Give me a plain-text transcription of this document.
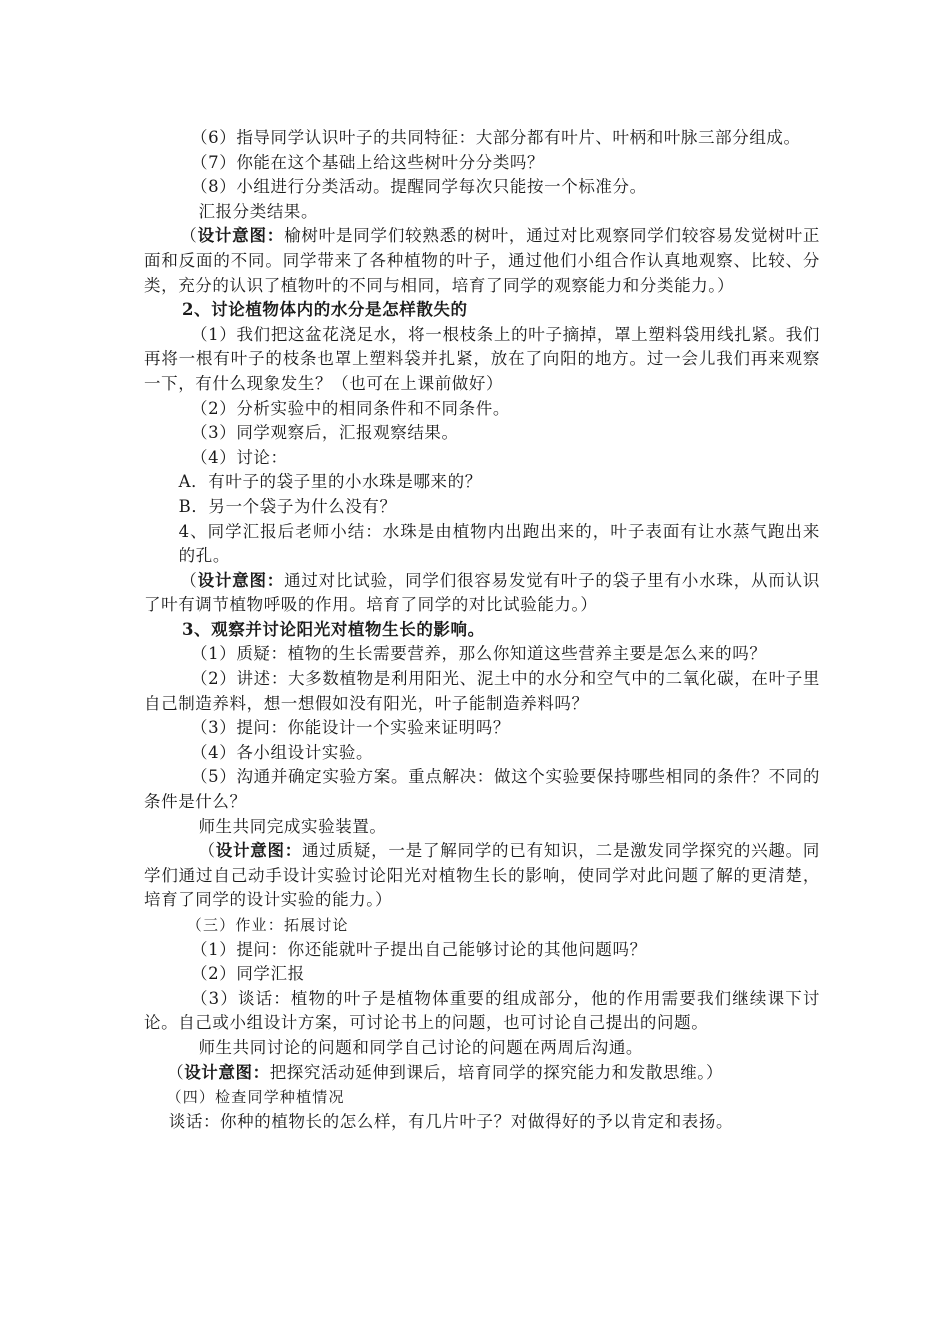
（6）指导同学认识叶子的共同特征：大部分都有叶片、叶柄和叶脉三部分组成。

（7）你能在这个基础上给这些树叶分分类吗？

（8）小组进行分类活动。提醒同学每次只能按一个标准分。

汇报分类结果。

（设计意图：榆树叶是同学们较熟悉的树叶，通过对比观察同学们较容易发觉树叶正面和反面的不同。同学带来了各种植物的叶子，通过他们小组合作认真地观察、比较、分类，充分的认识了植物叶的不同与相同，培育了同学的观察能力和分类能力。）

2、讨论植物体内的水分是怎样散失的

（1）我们把这盆花浇足水，将一根枝条上的叶子摘掉，罩上塑料袋用线扎紧。我们再将一根有叶子的枝条也罩上塑料袋并扎紧，放在了向阳的地方。过一会儿我们再来观察一下，有什么现象发生？（也可在上课前做好）

（2）分析实验中的相同条件和不同条件。

（3）同学观察后，汇报观察结果。

（4）讨论：

A．有叶子的袋子里的小水珠是哪来的？

B．另一个袋子为什么没有？

4、同学汇报后老师小结：水珠是由植物内出跑出来的，叶子表面有让水蒸气跑出来的孔。

（设计意图：通过对比试验，同学们很容易发觉有叶子的袋子里有小水珠，从而认识了叶有调节植物呼吸的作用。培育了同学的对比试验能力。）

3、观察并讨论阳光对植物生长的影响。

（1）质疑：植物的生长需要营养，那么你知道这些营养主要是怎么来的吗？

（2）讲述：大多数植物是利用阳光、泥土中的水分和空气中的二氧化碳，在叶子里自己制造养料，想一想假如没有阳光，叶子能制造养料吗？

（3）提问：你能设计一个实验来证明吗？

（4）各小组设计实验。

（5）沟通并确定实验方案。重点解决：做这个实验要保持哪些相同的条件？不同的条件是什么？

师生共同完成实验装置。

（设计意图：通过质疑，一是了解同学的已有知识，二是激发同学探究的兴趣。同学们通过自己动手设计实验讨论阳光对植物生长的影响，使同学对此问题了解的更清楚，培育了同学的设计实验的能力。）

（三）作业：拓展讨论

（1）提问：你还能就叶子提出自己能够讨论的其他问题吗？

（2）同学汇报

（3）谈话：植物的叶子是植物体重要的组成部分，他的作用需要我们继续课下讨论。自己或小组设计方案，可讨论书上的问题，也可讨论自己提出的问题。

师生共同讨论的问题和同学自己讨论的问题在两周后沟通。

（设计意图：把探究活动延伸到课后，培育同学的探究能力和发散思维。）

（四）检查同学种植情况

谈话：你种的植物长的怎么样，有几片叶子？对做得好的予以肯定和表扬。
